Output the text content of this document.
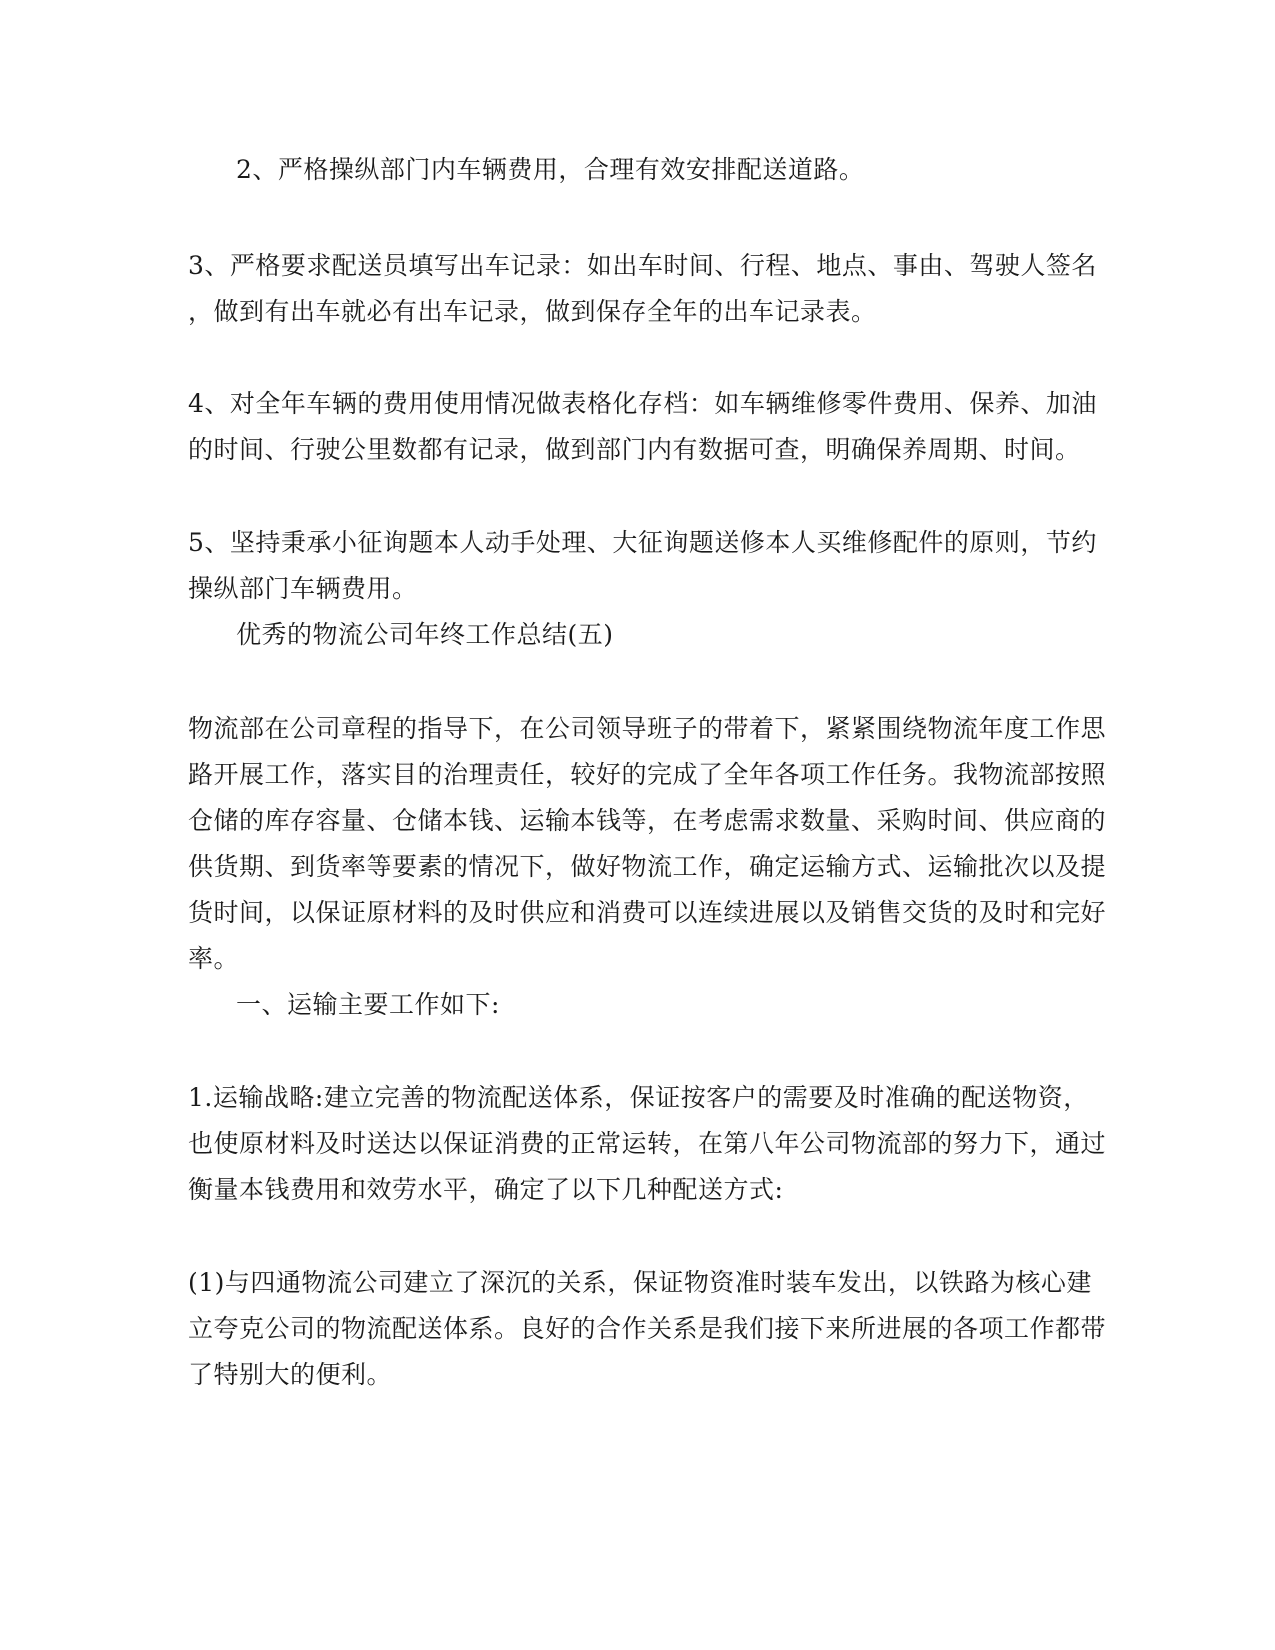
2、严格操纵部门内车辆费用，合理有效安排配送道路。
3、严格要求配送员填写出车记录：如出车时间、行程、地点、事由、驾驶人签名
，做到有出车就必有出车记录，做到保存全年的出车记录表。
4、对全年车辆的费用使用情况做表格化存档：如车辆维修零件费用、保养、加油
的时间、行驶公里数都有记录，做到部门内有数据可查，明确保养周期、时间。
5、坚持秉承小征询题本人动手处理、大征询题送修本人买维修配件的原则，节约
操纵部门车辆费用。
优秀的物流公司年终工作总结(五)
物流部在公司章程的指导下，在公司领导班子的带着下，紧紧围绕物流年度工作思
路开展工作，落实目的治理责任，较好的完成了全年各项工作任务。我物流部按照
仓储的库存容量、仓储本钱、运输本钱等，在考虑需求数量、采购时间、供应商的
供货期、到货率等要素的情况下，做好物流工作，确定运输方式、运输批次以及提
货时间，以保证原材料的及时供应和消费可以连续进展以及销售交货的及时和完好
率。
一、运输主要工作如下:
1.运输战略:建立完善的物流配送体系，保证按客户的需要及时准确的配送物资，
也使原材料及时送达以保证消费的正常运转，在第八年公司物流部的努力下，通过
衡量本钱费用和效劳水平，确定了以下几种配送方式:
(1)与四通物流公司建立了深沉的关系，保证物资准时装车发出，以铁路为核心建
立夸克公司的物流配送体系。良好的合作关系是我们接下来所进展的各项工作都带
了特别大的便利。
